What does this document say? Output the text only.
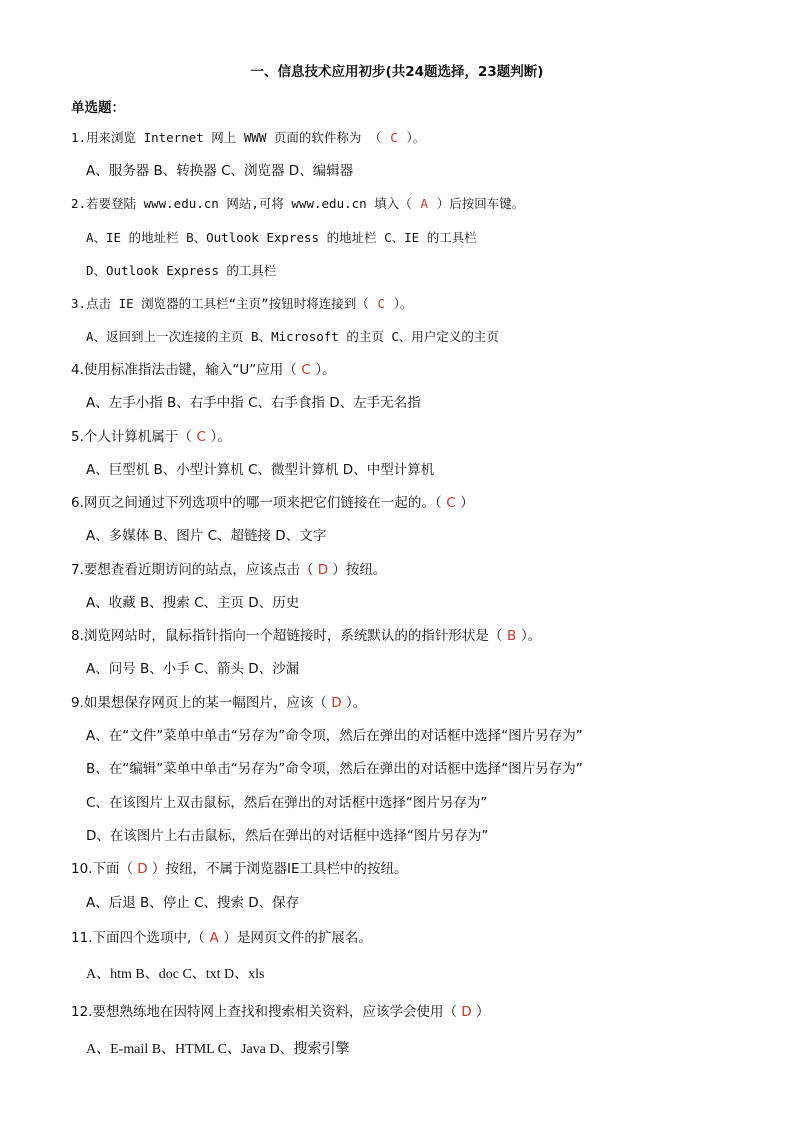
一、信息技术应用初步(共24题选择，23题判断)
单选题：
1.用来浏览 Internet 网上 WWW 页面的软件称为 （ C ）。
A、服务器 B、转换器 C、浏览器 D、编辑器
2.若要登陆 www.edu.cn 网站,可将 www.edu.cn 填入（ A ）后按回车键。
A、IE 的地址栏 B、Outlook Express 的地址栏 C、IE 的工具栏
D、Outlook Express 的工具栏
3.点击 IE 浏览器的工具栏“主页”按钮时将连接到（ C ）。
A、返回到上一次连接的主页 B、Microsoft 的主页 C、用户定义的主页
4.使用标准指法击键，输入“U”应用（ C ）。
A、左手小指 B、右手中指 C、右手食指 D、左手无名指
5.个人计算机属于（ C ）。
A、巨型机 B、小型计算机 C、微型计算机 D、中型计算机
6.网页之间通过下列选项中的哪一项来把它们链接在一起的。（ C ）
A、多媒体 B、图片 C、超链接 D、文字
7.要想查看近期访问的站点，应该点击（ D ）按纽。
A、收藏 B、搜索 C、主页 D、历史
8.浏览网站时，鼠标指针指向一个超链接时，系统默认的的指针形状是（ B ）。
A、问号 B、小手 C、箭头 D、沙漏
9.如果想保存网页上的某一幅图片，应该（ D ）。
A、在“文件”菜单中单击“另存为”命令项，然后在弹出的对话框中选择“图片另存为”
B、在“编辑”菜单中单击“另存为”命令项，然后在弹出的对话框中选择“图片另存为”
C、在该图片上双击鼠标，然后在弹出的对话框中选择“图片另存为”
D、在该图片上右击鼠标，然后在弹出的对话框中选择“图片另存为”
10.下面（ D ）按纽，不属于浏览器IE工具栏中的按纽。
A、后退 B、停止 C、搜索 D、保存
11.下面四个选项中,（ A ）是网页文件的扩展名。
A、htm B、doc C、txt D、xls
12.要想熟练地在因特网上查找和搜索相关资料，应该学会使用（ D ）
A、E-mail B、HTML C、Java D、搜索引擎
